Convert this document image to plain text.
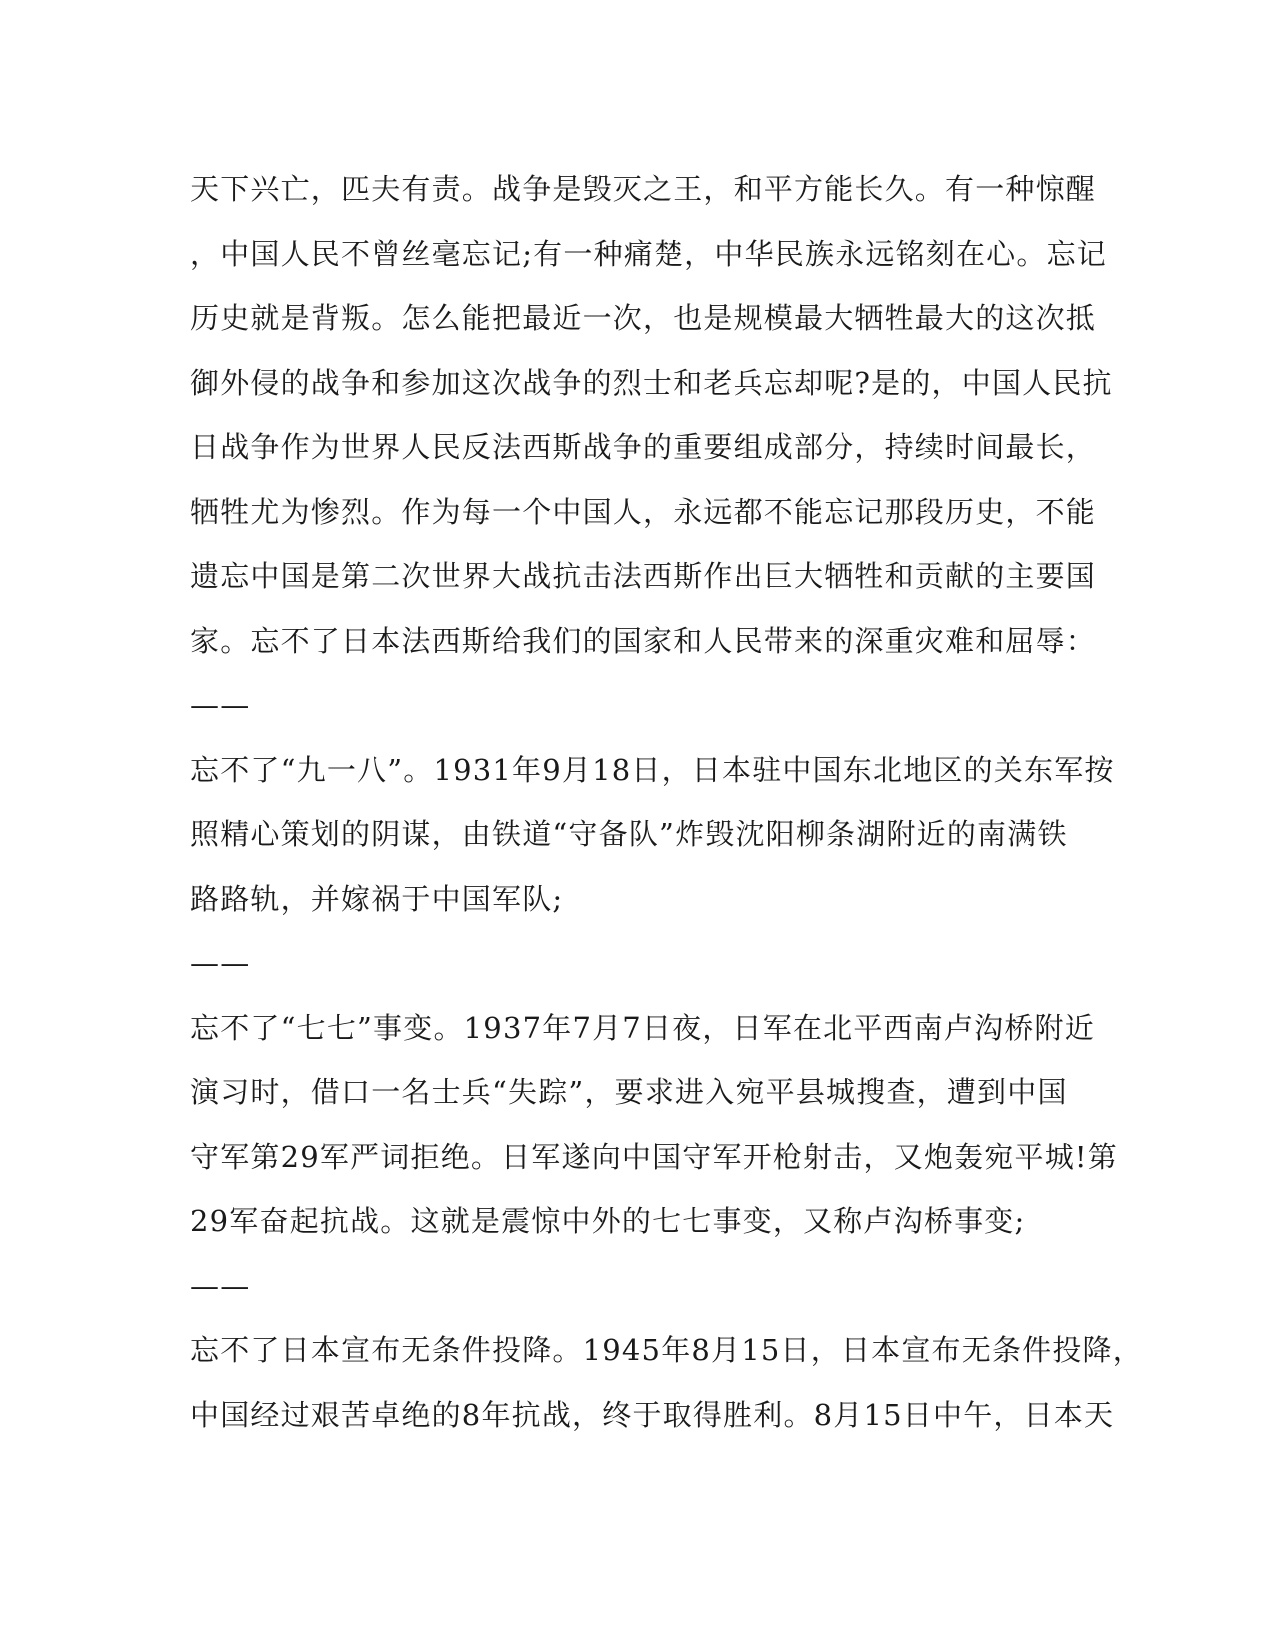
天下兴亡，匹夫有责。战争是毁灭之王，和平方能长久。有一种惊醒
，中国人民不曾丝毫忘记;有一种痛楚，中华民族永远铭刻在心。忘记
历史就是背叛。怎么能把最近一次，也是规模最大牺牲最大的这次抵
御外侵的战争和参加这次战争的烈士和老兵忘却呢?是的，中国人民抗
日战争作为世界人民反法西斯战争的重要组成部分，持续时间最长，
牺牲尤为惨烈。作为每一个中国人，永远都不能忘记那段历史，不能
遗忘中国是第二次世界大战抗击法西斯作出巨大牺牲和贡献的主要国
家。忘不了日本法西斯给我们的国家和人民带来的深重灾难和屈辱：
——
忘不了“九一八”。1931年9月18日，日本驻中国东北地区的关东军按
照精心策划的阴谋，由铁道“守备队”炸毁沈阳柳条湖附近的南满铁
路路轨，并嫁祸于中国军队;
——
忘不了“七七”事变。1937年7月7日夜，日军在北平西南卢沟桥附近
演习时，借口一名士兵“失踪”，要求进入宛平县城搜查，遭到中国
守军第29军严词拒绝。日军遂向中国守军开枪射击，又炮轰宛平城!第
29军奋起抗战。这就是震惊中外的七七事变，又称卢沟桥事变;
——
忘不了日本宣布无条件投降。1945年8月15日，日本宣布无条件投降，
中国经过艰苦卓绝的8年抗战，终于取得胜利。8月15日中午，日本天
